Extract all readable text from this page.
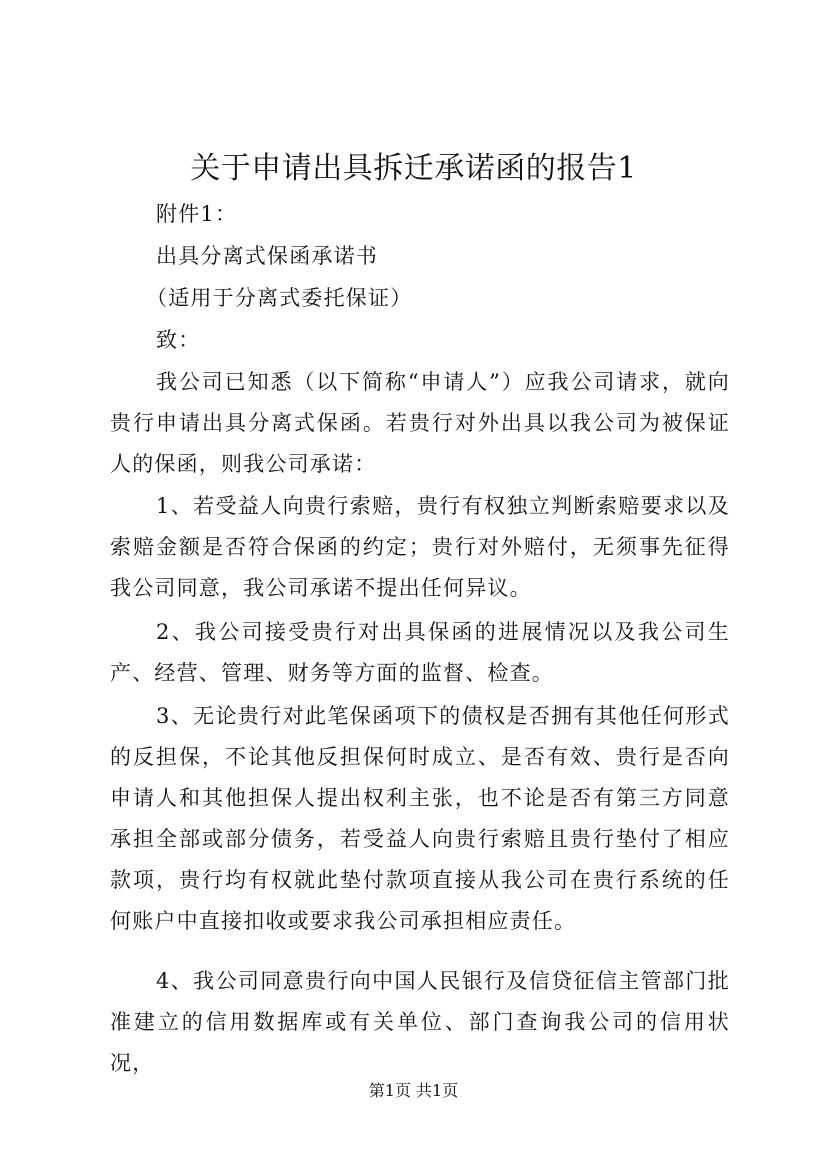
关于申请出具拆迁承诺函的报告1
附件1：
出具分离式保函承诺书
（适用于分离式委托保证）
致：

我公司已知悉（以下简称“申请人”）应我公司请求，就向贵行申请出具分离式保函。若贵行对外出具以我公司为被保证人的保函，则我公司承诺：

1、若受益人向贵行索赔，贵行有权独立判断索赔要求以及索赔金额是否符合保函的约定；贵行对外赔付，无须事先征得我公司同意，我公司承诺不提出任何异议。

2、我公司接受贵行对出具保函的进展情况以及我公司生产、经营、管理、财务等方面的监督、检查。

3、无论贵行对此笔保函项下的债权是否拥有其他任何形式的反担保，不论其他反担保何时成立、是否有效、贵行是否向申请人和其他担保人提出权利主张，也不论是否有第三方同意承担全部或部分债务，若受益人向贵行索赔且贵行垫付了相应款项，贵行均有权就此垫付款项直接从我公司在贵行系统的任何账户中直接扣收或要求我公司承担相应责任。

4、我公司同意贵行向中国人民银行及信贷征信主管部门批准建立的信用数据库或有关单位、部门查询我公司的信用状况，

第1页 共1页
